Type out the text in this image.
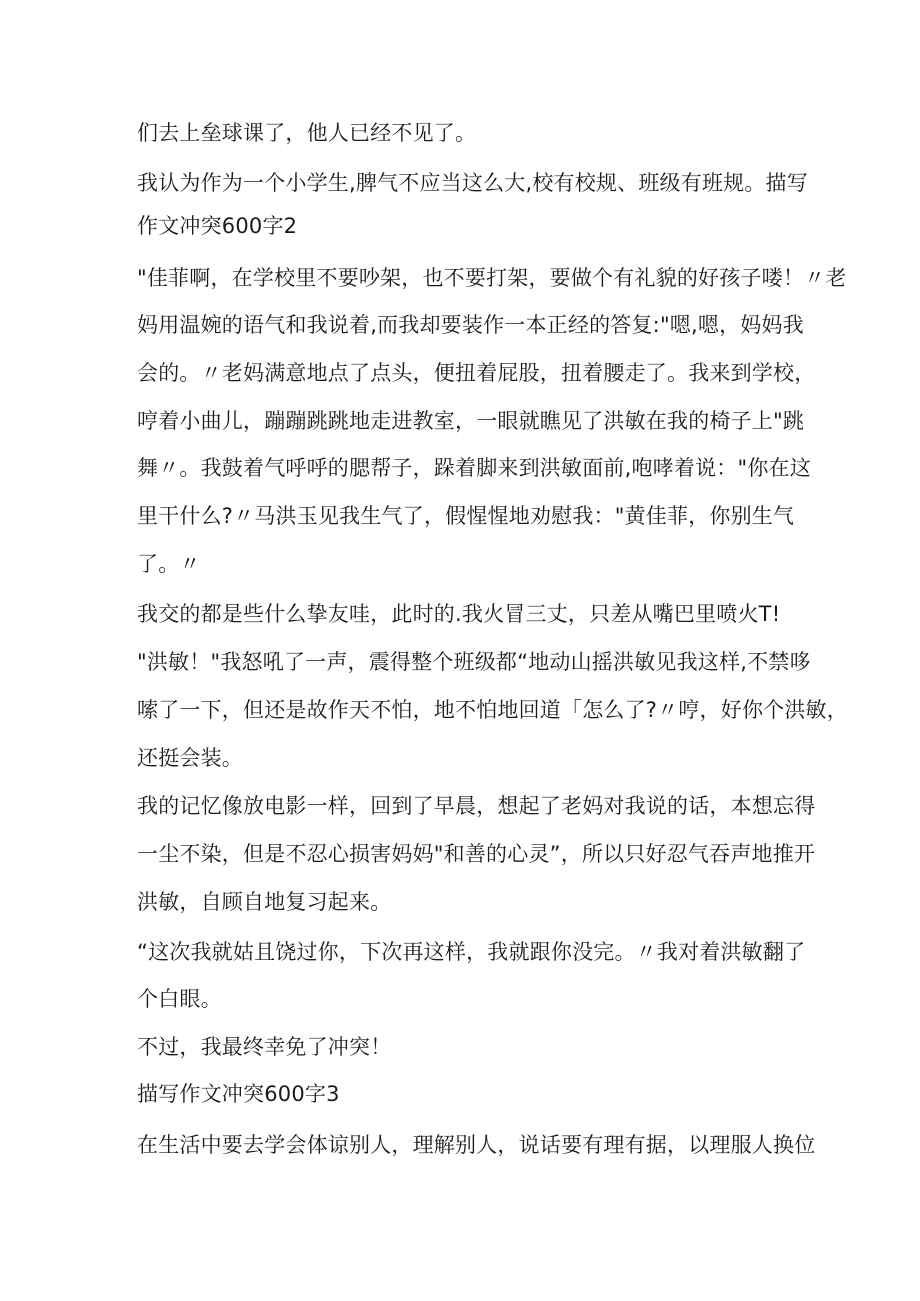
们去上垒球课了，他人已经不见了。
我认为作为一个小学生,脾气不应当这么大,校有校规、班级有班规。描写
作文冲突600字2
"佳菲啊，在学校里不要吵架，也不要打架，要做个有礼貌的好孩子喽！〃老
妈用温婉的语气和我说着,而我却要装作一本正经的答复:"嗯,嗯，妈妈我
会的。〃老妈满意地点了点头，便扭着屁股，扭着腰走了。我来到学校，
哼着小曲儿，蹦蹦跳跳地走进教室，一眼就瞧见了洪敏在我的椅子上"跳
舞〃。我鼓着气呼呼的腮帮子，跺着脚来到洪敏面前,咆哮着说："你在这
里干什么?〃马洪玉见我生气了，假惺惺地劝慰我："黄佳菲，你别生气
了。〃
我交的都是些什么挚友哇，此时的.我火冒三丈，只差从嘴巴里喷火T!
"洪敏！"我怒吼了一声，震得整个班级都“地动山摇洪敏见我这样,不禁哆
嗦了一下，但还是故作天不怕，地不怕地回道「怎么了?〃哼，好你个洪敏，
还挺会装。
我的记忆像放电影一样，回到了早晨，想起了老妈对我说的话，本想忘得
一尘不染，但是不忍心损害妈妈"和善的心灵”，所以只好忍气吞声地推开
洪敏，自顾自地复习起来。
“这次我就姑且饶过你，下次再这样，我就跟你没完。〃我对着洪敏翻了
个白眼。
不过，我最终幸免了冲突！
描写作文冲突600字3
在生活中要去学会体谅别人，理解别人，说话要有理有据，以理服人换位
